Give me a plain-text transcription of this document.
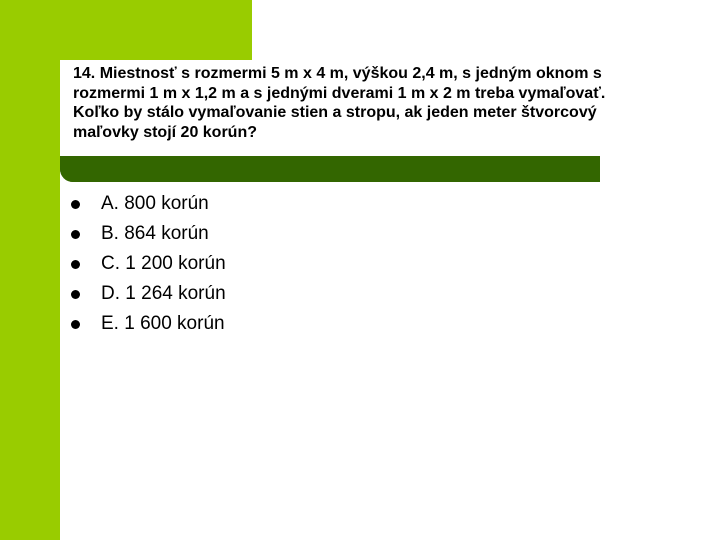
14. Miestnosť s rozmermi 5 m x 4 m, výškou 2,4 m, s jedným oknom s
rozmermi 1 m x 1,2 m a s jednými dverami 1 m x 2 m treba vymaľovať.
Koľko by stálo vymaľovanie stien a stropu, ak jeden meter štvorcový
maľovky stojí 20 korún?

A. 800 korún
B. 864 korún
C. 1 200 korún
D. 1 264 korún
E. 1 600 korún
